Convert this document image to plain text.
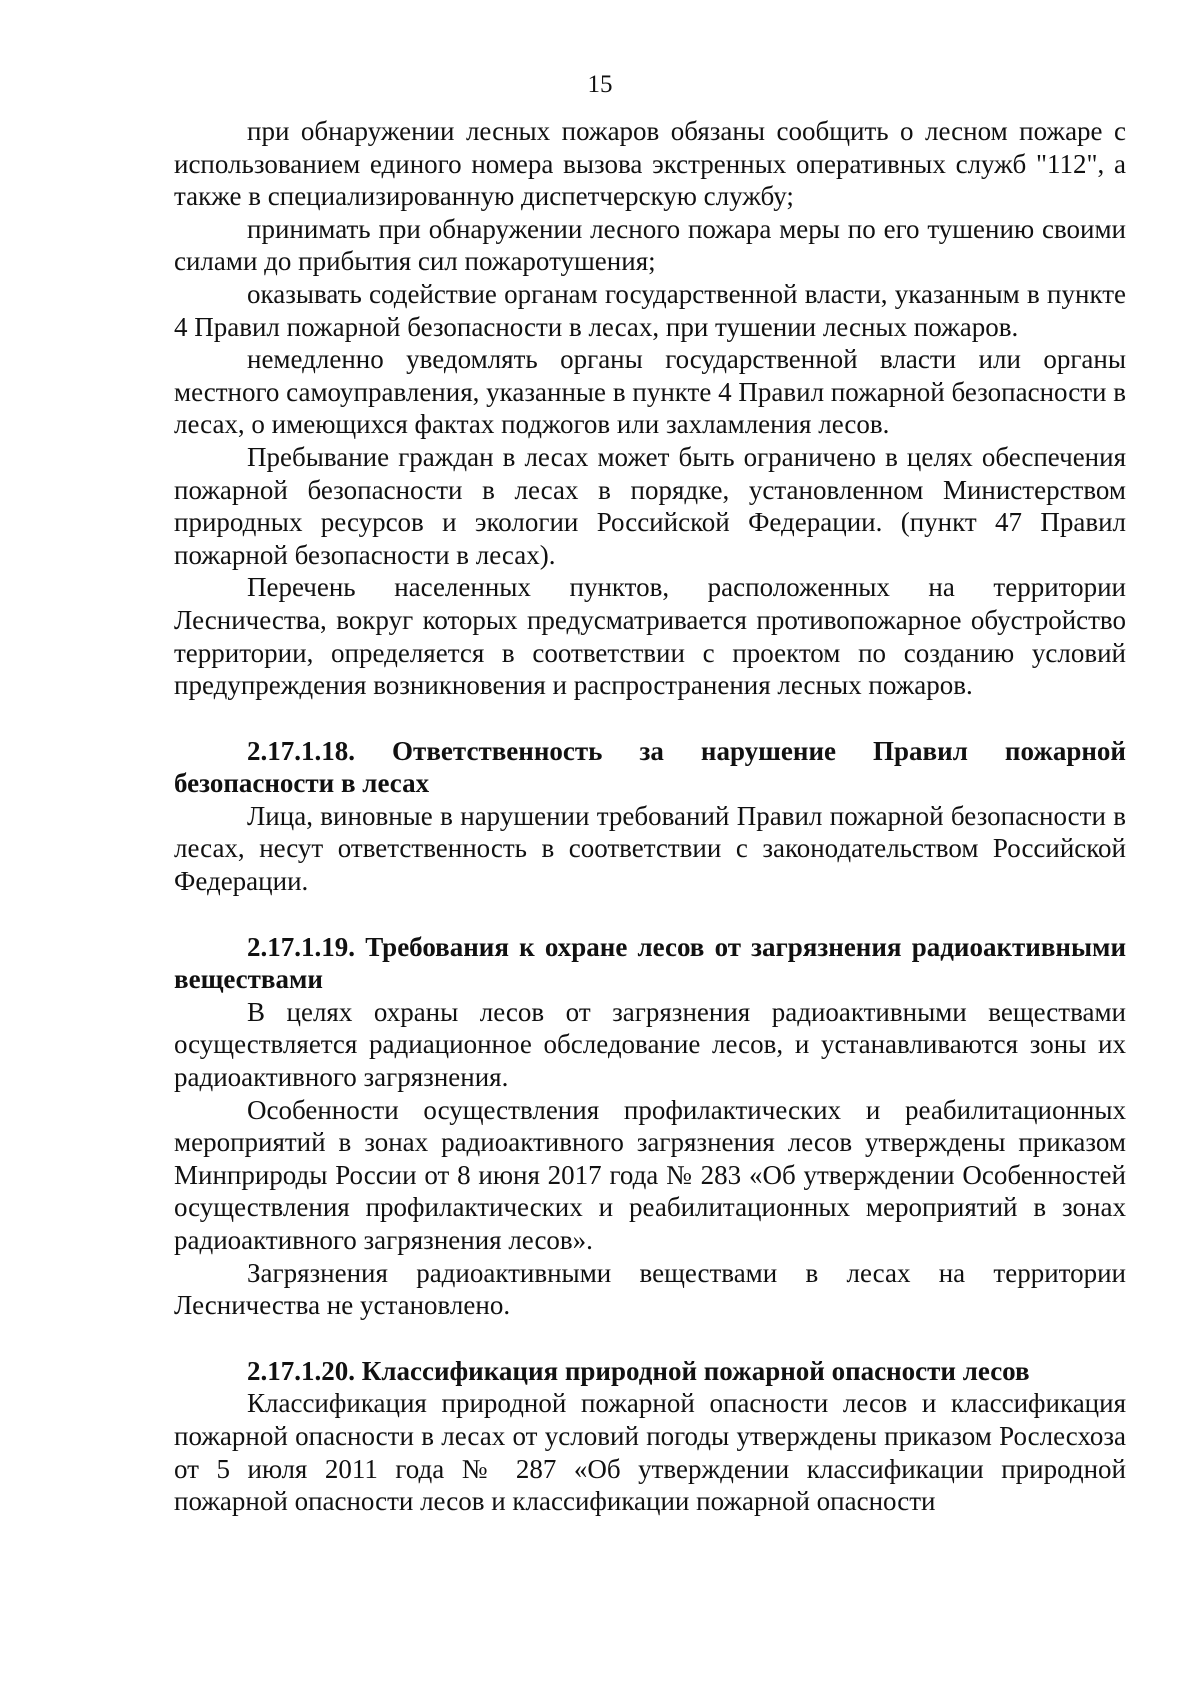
15

при обнаружении лесных пожаров обязаны сообщить о лесном пожаре с использованием единого номера вызова экстренных оперативных служб "112", а также в специализированную диспетчерскую службу;

принимать при обнаружении лесного пожара меры по его тушению своими силами до прибытия сил пожаротушения;

оказывать содействие органам государственной власти, указанным в пункте 4 Правил пожарной безопасности в лесах, при тушении лесных пожаров.

немедленно уведомлять органы государственной власти или органы местного самоуправления, указанные в пункте 4 Правил пожарной безопасности в лесах, о имеющихся фактах поджогов или захламления лесов.

Пребывание граждан в лесах может быть ограничено в целях обеспечения пожарной безопасности в лесах в порядке, установленном Министерством природных ресурсов и экологии Российской Федерации. (пункт 47 Правил пожарной безопасности в лесах).

Перечень населенных пунктов, расположенных на территории Лесничества, вокруг которых предусматривается противопожарное обустройство территории, определяется в соответствии с проектом по созданию условий предупреждения возникновения и распространения лесных пожаров.

2.17.1.18. Ответственность за нарушение Правил пожарной безопасности в лесах

Лица, виновные в нарушении требований Правил пожарной безопасности в лесах, несут ответственность в соответствии с законодательством Российской Федерации.

2.17.1.19. Требования к охране лесов от загрязнения радиоактивными веществами

В целях охраны лесов от загрязнения радиоактивными веществами осуществляется радиационное обследование лесов, и устанавливаются зоны их радиоактивного загрязнения.

Особенности осуществления профилактических и реабилитационных мероприятий в зонах радиоактивного загрязнения лесов утверждены приказом Минприроды России от 8 июня 2017 года № 283 «Об утверждении Особенностей осуществления профилактических и реабилитационных мероприятий в зонах радиоактивного загрязнения лесов».

Загрязнения радиоактивными веществами в лесах на территории Лесничества не установлено.

2.17.1.20. Классификация природной пожарной опасности лесов

Классификация природной пожарной опасности лесов и классификация пожарной опасности в лесах от условий погоды утверждены приказом Рослесхоза от 5 июля 2011 года № 287 «Об утверждении классификации природной пожарной опасности лесов и классификации пожарной опасности
